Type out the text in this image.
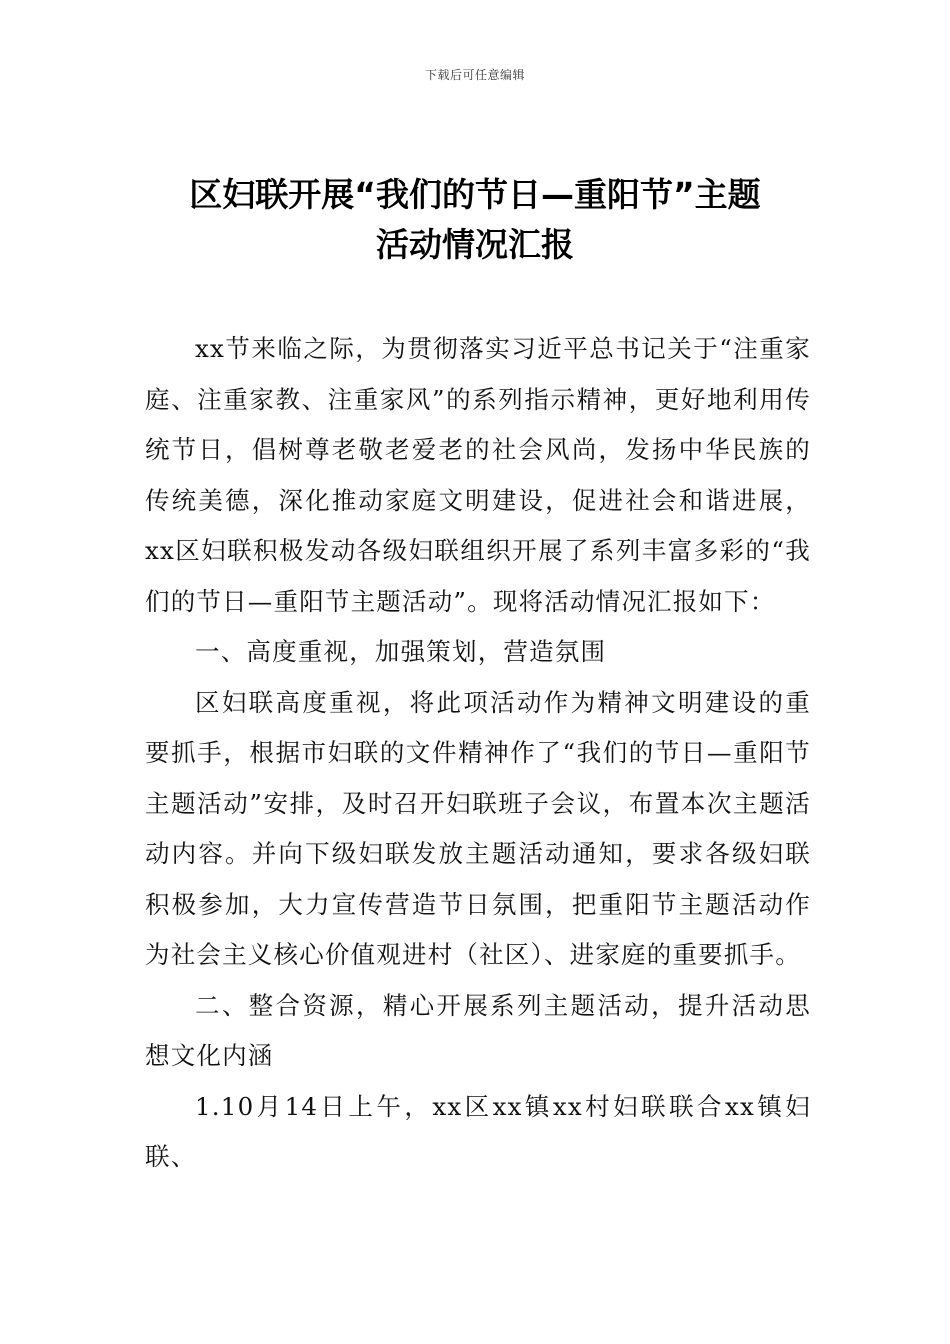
下载后可任意编辑
区妇联开展“我们的节日—重阳节”主题
活动情况汇报

xx节来临之际，为贯彻落实习近平总书记关于“注重家庭、注重家教、注重家风”的系列指示精神，更好地利用传统节日，倡树尊老敬老爱老的社会风尚，发扬中华民族的传统美德，深化推动家庭文明建设，促进社会和谐进展，xx区妇联积极发动各级妇联组织开展了系列丰富多彩的“我们的节日—重阳节主题活动”。现将活动情况汇报如下：

一、高度重视，加强策划，营造氛围

区妇联高度重视，将此项活动作为精神文明建设的重要抓手，根据市妇联的文件精神作了“我们的节日—重阳节主题活动”安排，及时召开妇联班子会议，布置本次主题活动内容。并向下级妇联发放主题活动通知，要求各级妇联积极参加，大力宣传营造节日氛围，把重阳节主题活动作为社会主义核心价值观进村（社区）、进家庭的重要抓手。

二、整合资源，精心开展系列主题活动，提升活动思想文化内涵

1.10月14日上午，xx区xx镇xx村妇联联合xx镇妇联、
